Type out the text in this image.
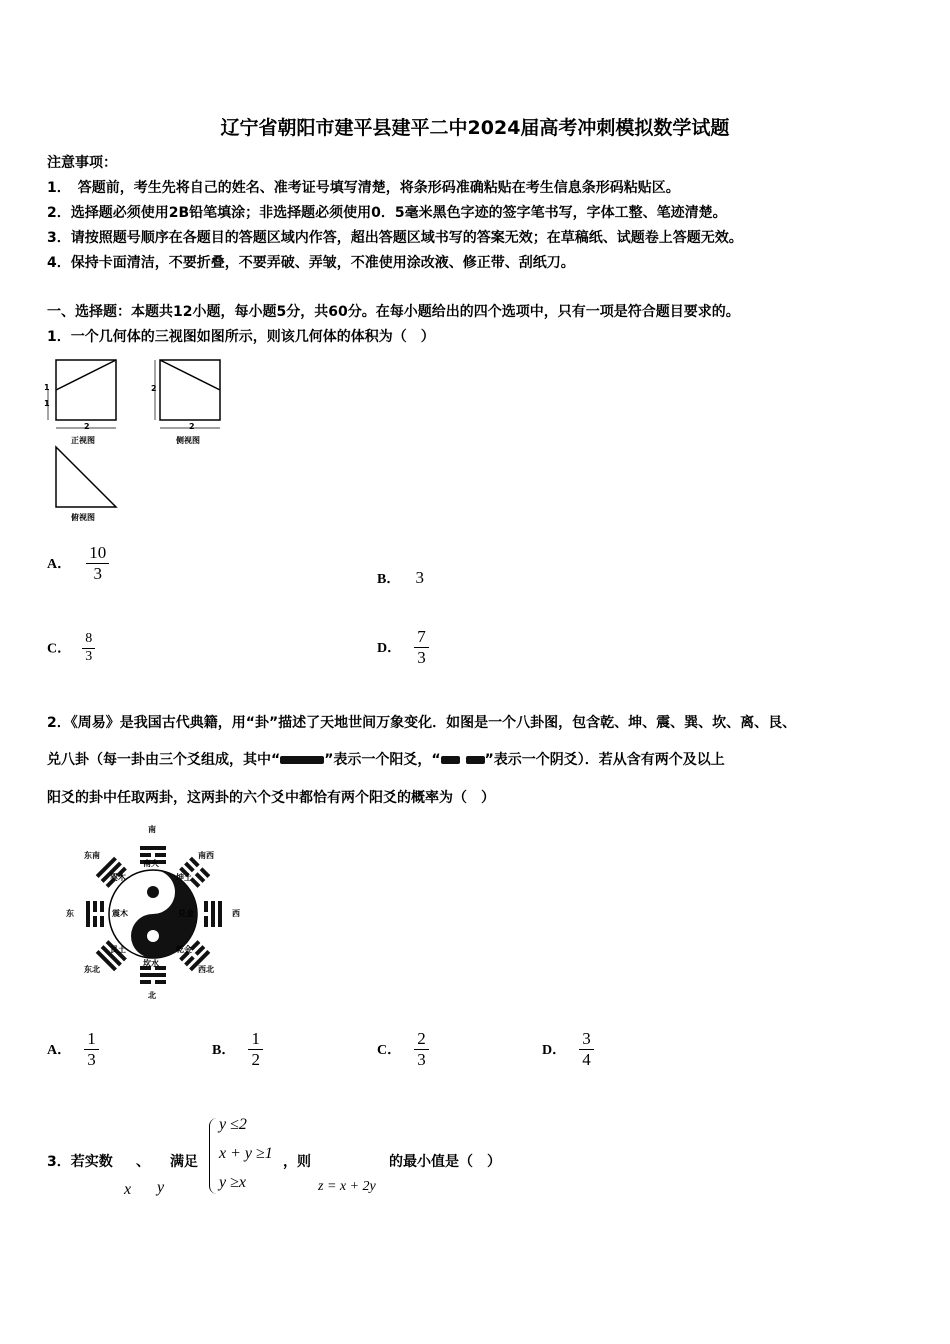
辽宁省朝阳市建平县建平二中2024届高考冲刺模拟数学试题
注意事项：
1．　答题前，考生先将自己的姓名、准考证号填写清楚，将条形码准确粘贴在考生信息条形码粘贴区。
2．选择题必须使用2B铅笔填涂；非选择题必须使用0．5毫米黑色字迹的签字笔书写，字体工整、笔迹清楚。
3．请按照题号顺序在各题目的答题区域内作答，超出答题区域书写的答案无效；在草稿纸、试题卷上答题无效。
4．保持卡面清洁，不要折叠，不要弄破、弄皱，不准使用涂改液、修正带、刮纸刀。
一、选择题：本题共12小题，每小题5分，共60分。在每小题给出的四个选项中，只有一项是符合题目要求的。
1．一个几何体的三视图如图所示，则该几何体的体积为（　）
1
1
2
正视图
2
2
侧视图
俯视图
A． $\frac{10}{3}$	B． 3
C． $\frac{8}{3}$	D． $\frac{7}{3}$
2．《周易》是我国古代典籍，用“卦”描述了天地世间万象变化．如图是一个八卦图，包含乾、坤、震、巽、坎、离、艮、
兑八卦（每一卦由三个爻组成，其中“	”表示一个阳爻，“	”表示一个阴爻）．若从含有两个及以上
阳爻的卦中任取两卦，这两卦的六个爻中都恰有两个阳爻的概率为（　）
南
南火
北
坎水
东	震木	西
兑金
东南
巽木
南西
坤土
东北
艮土
西北
乾金
A． $\frac{1}{3}$	B． $\frac{1}{2}$	C． $\frac{2}{3}$	D． $\frac{3}{4}$
3．若实数 、 满足
x y
y ≤2
x + y ≥1
y ≥x
，则
z = x + 2y
的最小值是（　）
